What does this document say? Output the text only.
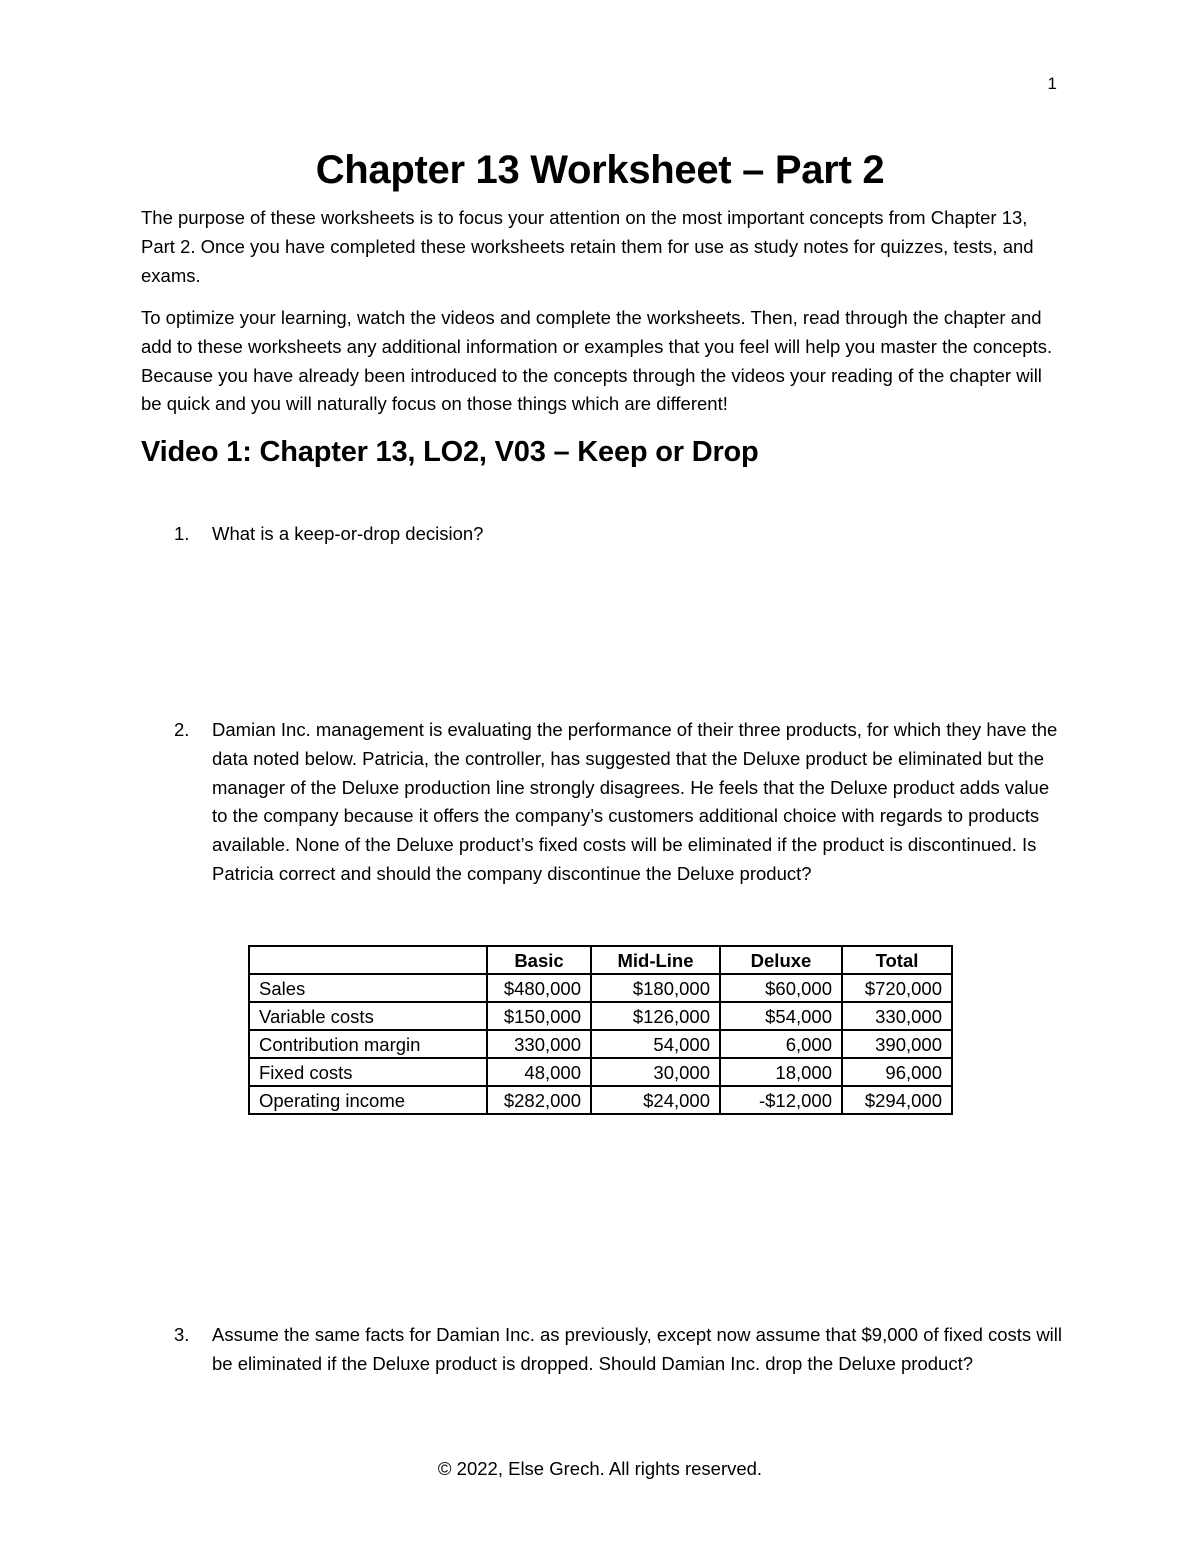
1
Chapter 13 Worksheet – Part 2

The purpose of these worksheets is to focus your attention on the most important concepts from Chapter 13, Part 2. Once you have completed these worksheets retain them for use as study notes for quizzes, tests, and exams.

To optimize your learning, watch the videos and complete the worksheets. Then, read through the chapter and add to these worksheets any additional information or examples that you feel will help you master the concepts. Because you have already been introduced to the concepts through the videos your reading of the chapter will be quick and you will naturally focus on those things which are different!

Video 1: Chapter 13, LO2, V03 – Keep or Drop
1. What is a keep-or-drop decision?
2. Damian Inc. management is evaluating the performance of their three products, for which they have the data noted below. Patricia, the controller, has suggested that the Deluxe product be eliminated but the manager of the Deluxe production line strongly disagrees. He feels that the Deluxe product adds value to the company because it offers the company’s customers additional choice with regards to products available. None of the Deluxe product’s fixed costs will be eliminated if the product is discontinued. Is Patricia correct and should the company discontinue the Deluxe product?
	Basic	Mid-Line	Deluxe	Total
Sales	$480,000	$180,000	$60,000	$720,000
Variable costs	$150,000	$126,000	$54,000	330,000
Contribution margin	330,000	54,000	6,000	390,000
Fixed costs	48,000	30,000	18,000	96,000
Operating income	$282,000	$24,000	-$12,000	$294,000
3. Assume the same facts for Damian Inc. as previously, except now assume that $9,000 of fixed costs will be eliminated if the Deluxe product is dropped. Should Damian Inc. drop the Deluxe product?

© 2022, Else Grech. All rights reserved.
